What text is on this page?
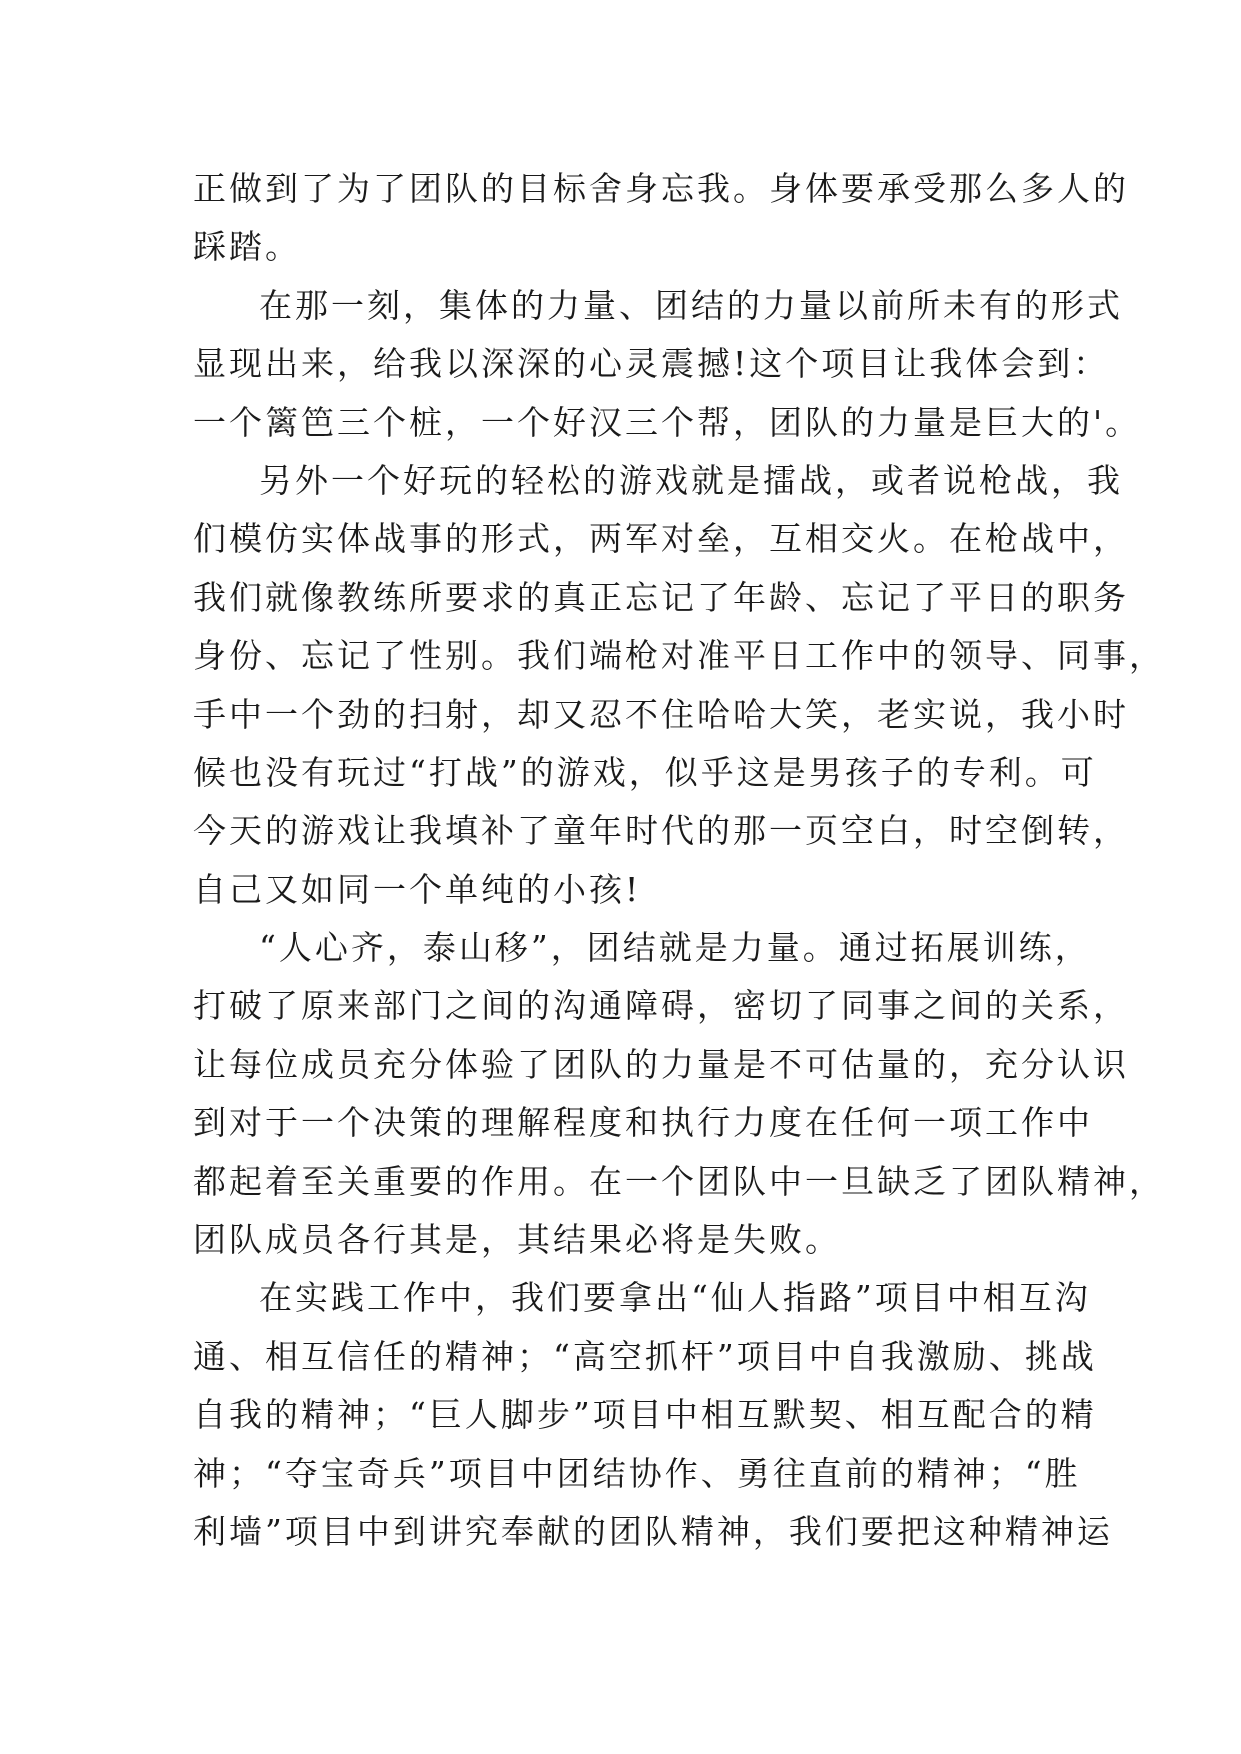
正做到了为了团队的目标舍身忘我。身体要承受那么多人的
踩踏。
在那一刻，集体的力量、团结的力量以前所未有的形式
显现出来，给我以深深的心灵震撼!这个项目让我体会到：
一个篱笆三个桩，一个好汉三个帮，团队的力量是巨大的'。
另外一个好玩的轻松的游戏就是擂战，或者说枪战，我
们模仿实体战事的形式，两军对垒，互相交火。在枪战中，
我们就像教练所要求的真正忘记了年龄、忘记了平日的职务
身份、忘记了性别。我们端枪对准平日工作中的领导、同事，
手中一个劲的扫射，却又忍不住哈哈大笑，老实说，我小时
候也没有玩过“打战”的游戏，似乎这是男孩子的专利。可
今天的游戏让我填补了童年时代的那一页空白，时空倒转，
自己又如同一个单纯的小孩!
“人心齐，泰山移”，团结就是力量。通过拓展训练，
打破了原来部门之间的沟通障碍，密切了同事之间的关系，
让每位成员充分体验了团队的力量是不可估量的，充分认识
到对于一个决策的理解程度和执行力度在任何一项工作中
都起着至关重要的作用。在一个团队中一旦缺乏了团队精神，
团队成员各行其是，其结果必将是失败。
在实践工作中，我们要拿出“仙人指路”项目中相互沟
通、相互信任的精神；“高空抓杆”项目中自我激励、挑战
自我的精神；“巨人脚步”项目中相互默契、相互配合的精
神；“夺宝奇兵”项目中团结协作、勇往直前的精神；“胜
利墙”项目中到讲究奉献的团队精神，我们要把这种精神运
